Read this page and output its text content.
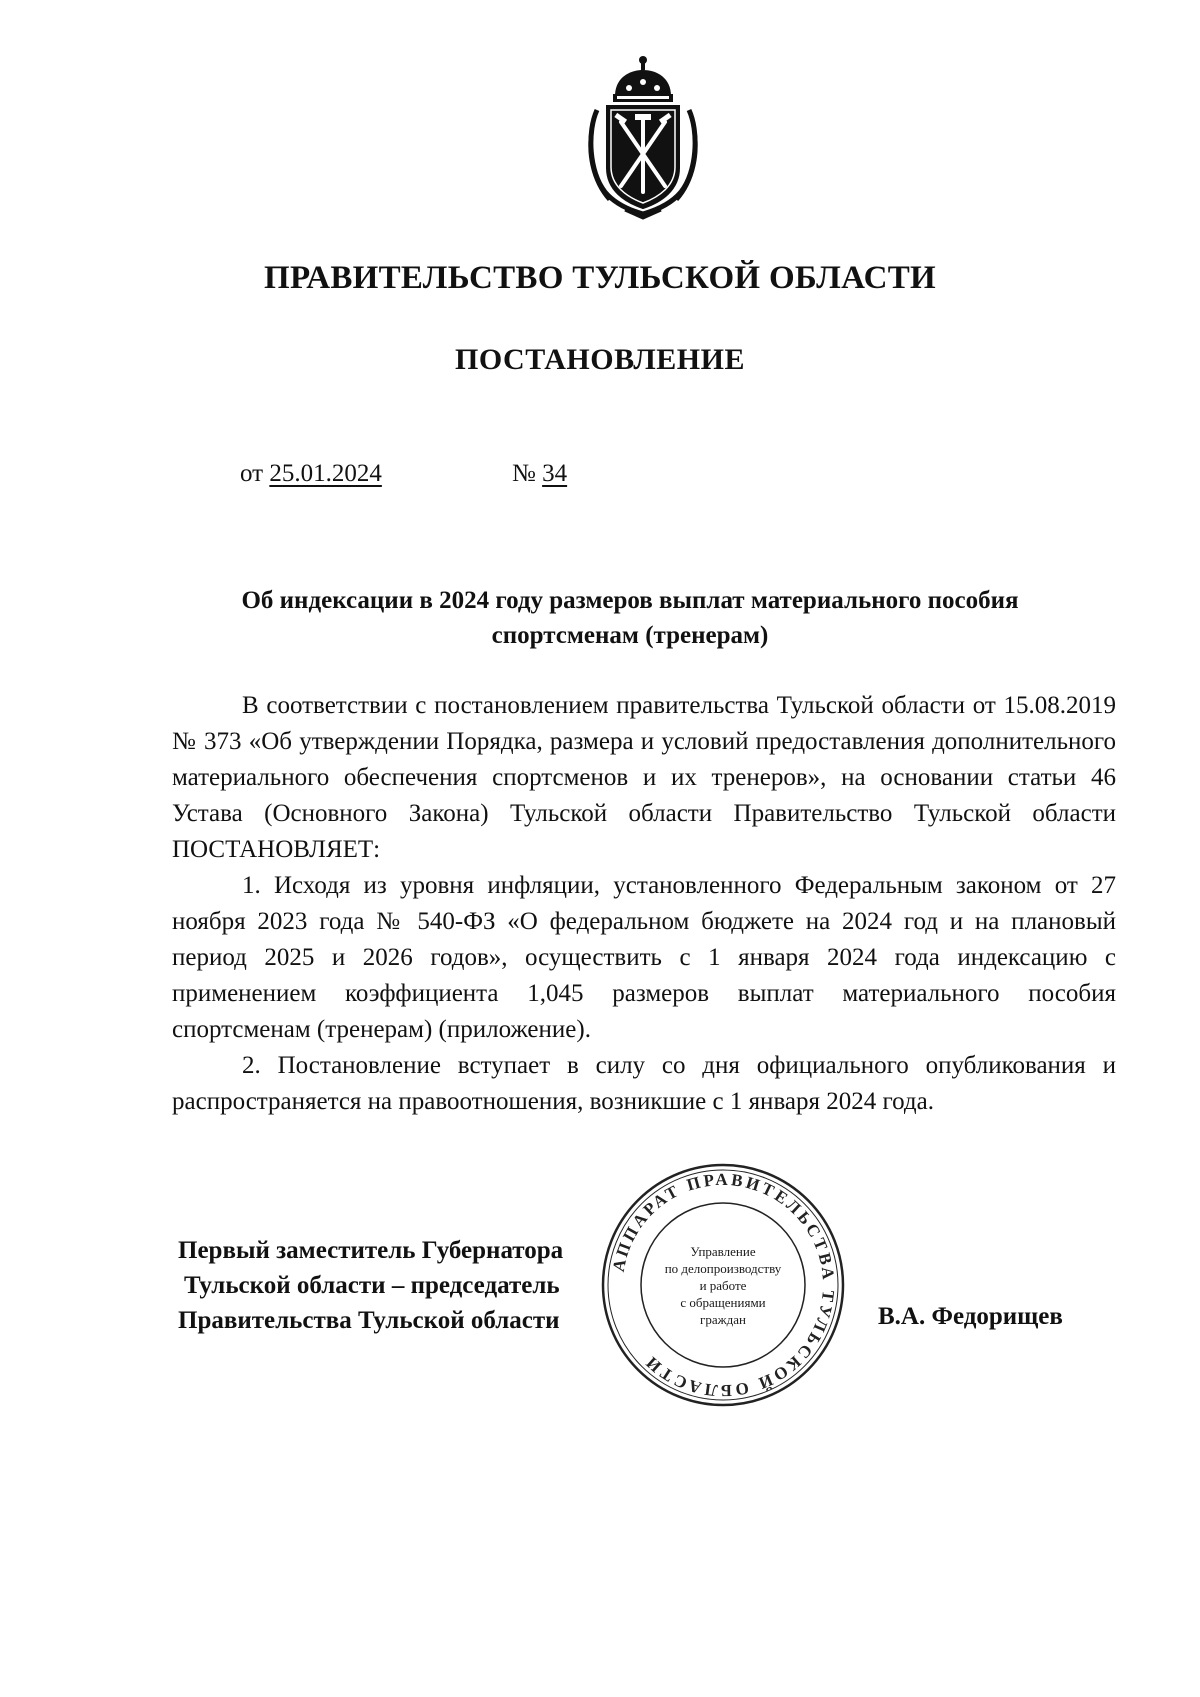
ПРАВИТЕЛЬСТВО ТУЛЬСКОЙ ОБЛАСТИ
ПОСТАНОВЛЕНИЕ
от 25.01.2024	№ 34
Об индексации в 2024 году размеров выплат материального пособия
спортсменам (тренерам)

В соответствии с постановлением правительства Тульской области от 15.08.2019 № 373 «Об утверждении Порядка, размера и условий предоставления дополнительного материального обеспечения спортсменов и их тренеров», на основании статьи 46 Устава (Основного Закона) Тульской области Правительство Тульской области ПОСТАНОВЛЯЕТ:

1. Исходя из уровня инфляции, установленного Федеральным законом от 27 ноября 2023 года № 540-ФЗ «О федеральном бюджете на 2024 год и на плановый период 2025 и 2026 годов», осуществить с 1 января 2024 года индексацию с применением коэффициента 1,045 размеров выплат материального пособия спортсменам (тренерам) (приложение).

2. Постановление вступает в силу со дня официального опубликования и распространяется на правоотношения, возникшие с 1 января 2024 года.

АППАРАТ ПРАВИТЕЛЬСТВА ТУЛЬСКОЙ ОБЛАСТИ
Управление
по делопроизводству
и работе
с обращениями
граждан
Первый заместитель Губернатора
Тульской области – председатель
Правительства Тульской области	В.А. Федорищев
